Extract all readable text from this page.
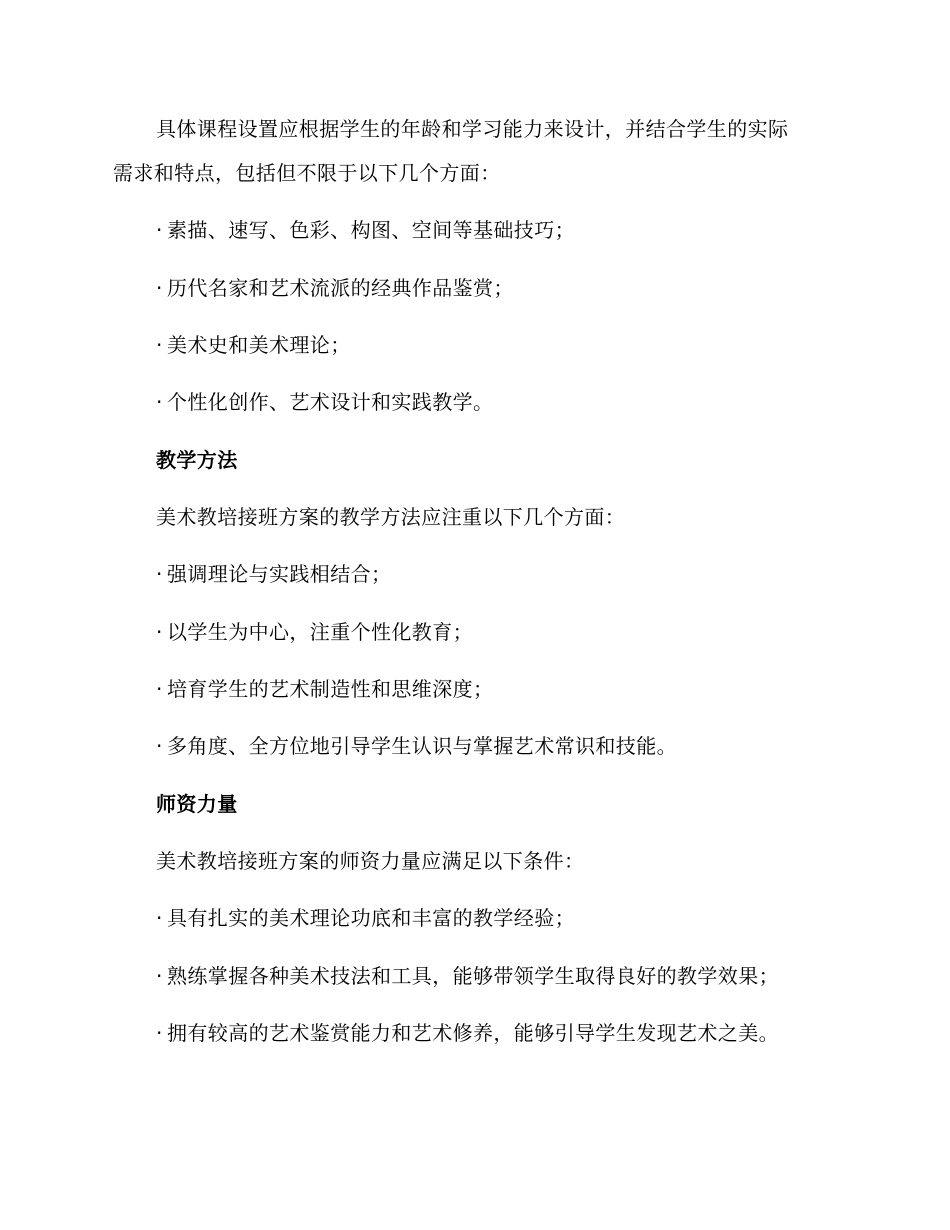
具体课程设置应根据学生的年龄和学习能力来设计，并结合学生的实际
需求和特点，包括但不限于以下几个方面：
· 素描、速写、色彩、构图、空间等基础技巧；
· 历代名家和艺术流派的经典作品鉴赏；
· 美术史和美术理论；
· 个性化创作、艺术设计和实践教学。
教学方法
美术教培接班方案的教学方法应注重以下几个方面：
· 强调理论与实践相结合；
· 以学生为中心，注重个性化教育；
· 培育学生的艺术制造性和思维深度；
· 多角度、全方位地引导学生认识与掌握艺术常识和技能。
师资力量
美术教培接班方案的师资力量应满足以下条件：
· 具有扎实的美术理论功底和丰富的教学经验；
· 熟练掌握各种美术技法和工具，能够带领学生取得良好的教学效果；
· 拥有较高的艺术鉴赏能力和艺术修养，能够引导学生发现艺术之美。
